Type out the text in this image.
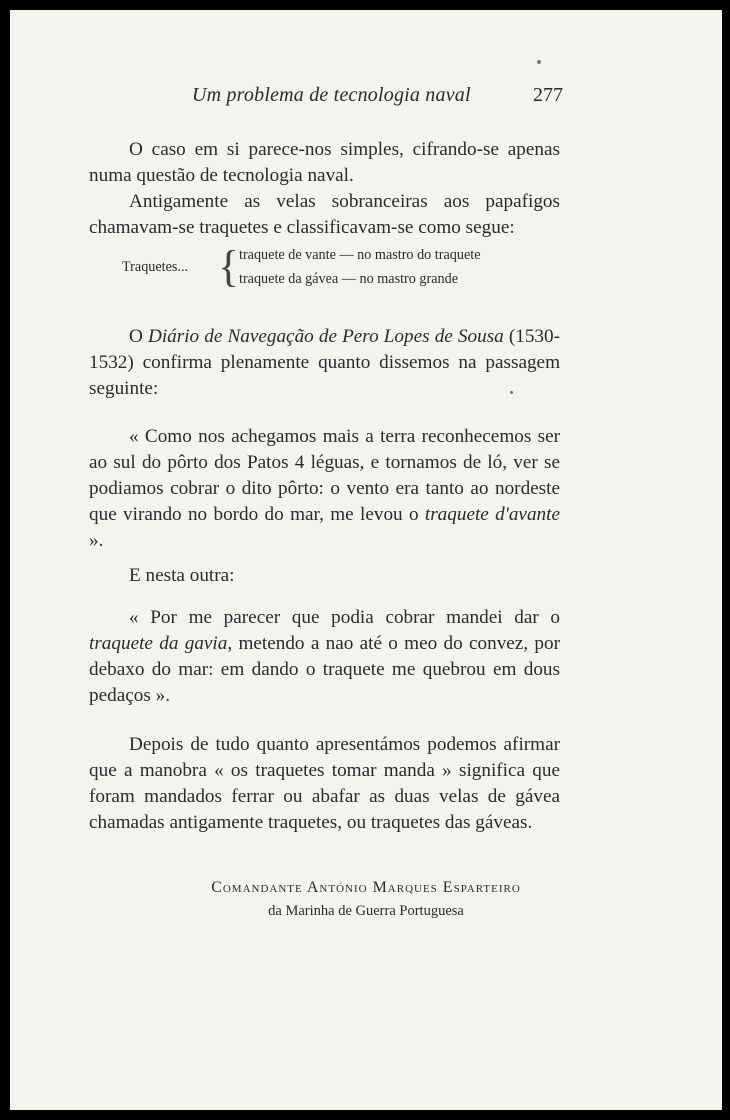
Um problema de tecnologia naval	277

O caso em si parece-nos simples, cifrando-se apenas numa questão de tecnologia naval.

Antigamente as velas sobranceiras aos papafigos chamavam-se traquetes e classificavam-se como segue:

Traquetes... { traquete de vante — no mastro do traquete
traquete da gávea — no mastro grande

O Diário de Navegação de Pero Lopes de Sousa (1530-1532) confirma plenamente quanto dissemos na passagem seguinte:

« Como nos achegamos mais a terra reconhecemos ser ao sul do pôrto dos Patos 4 léguas, e tornamos de ló, ver se podiamos cobrar o dito pôrto: o vento era tanto ao nordeste que virando no bordo do mar, me levou o traquete d'avante ».

E nesta outra:

« Por me parecer que podia cobrar mandei dar o traquete da gavia, metendo a nao até o meo do convez, por debaxo do mar: em dando o traquete me quebrou em dous pedaços ».

Depois de tudo quanto apresentámos podemos afirmar que a manobra « os traquetes tomar manda » significa que foram mandados ferrar ou abafar as duas velas de gávea chamadas antigamente traquetes, ou traquetes das gáveas.

Comandante António Marques Esparteiro
da Marinha de Guerra Portuguesa
